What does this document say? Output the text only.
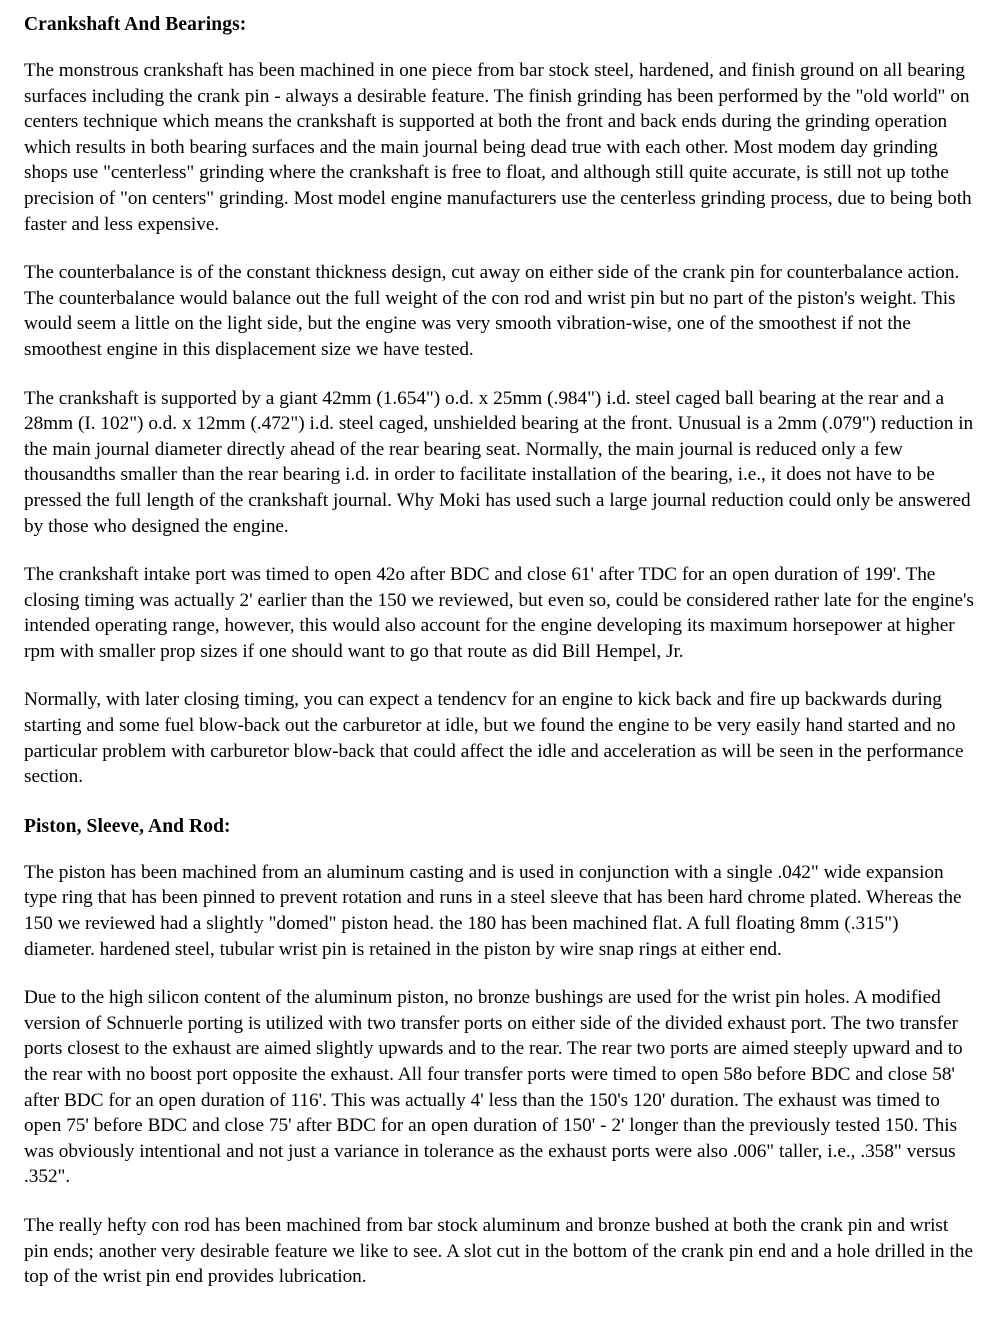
Crankshaft And Bearings:

The monstrous crankshaft has been machined in one piece from bar stock steel, hardened, and finish ground on all bearing surfaces including the crank pin - always a desirable feature. The finish grinding has been performed by the "old world" on centers technique which means the crankshaft is supported at both the front and back ends during the grinding operation which results in both bearing surfaces and the main journal being dead true with each other. Most modem day grinding shops use "centerless" grinding where the crankshaft is free to float, and although still quite accurate, is still not up tothe precision of "on centers" grinding. Most model engine manufacturers use the centerless grinding process, due to being both faster and less expensive.

The counterbalance is of the constant thickness design, cut away on either side of the crank pin for counterbalance action. The counterbalance would balance out the full weight of the con rod and wrist pin but no part of the piston's weight. This would seem a little on the light side, but the engine was very smooth vibration-wise, one of the smoothest if not the smoothest engine in this displacement size we have tested.

The crankshaft is supported by a giant 42mm (1.654") o.d. x 25mm (.984") i.d. steel caged ball bearing at the rear and a 28mm (I. 102") o.d. x 12mm (.472") i.d. steel caged, unshielded bearing at the front. Unusual is a 2mm (.079") reduction in the main journal diameter directly ahead of the rear bearing seat. Normally, the main journal is reduced only a few thousandths smaller than the rear bearing i.d. in order to facilitate installation of the bearing, i.e., it does not have to be pressed the full length of the crankshaft journal. Why Moki has used such a large journal reduction could only be answered by those who designed the engine.

The crankshaft intake port was timed to open 42o after BDC and close 61' after TDC for an open duration of 199'. The closing timing was actually 2' earlier than the 150 we reviewed, but even so, could be considered rather late for the engine's intended operating range, however, this would also account for the engine developing its maximum horsepower at higher rpm with smaller prop sizes if one should want to go that route as did Bill Hempel, Jr.

Normally, with later closing timing, you can expect a tendencv for an engine to kick back and fire up backwards during starting and some fuel blow-back out the carburetor at idle, but we found the engine to be very easily hand started and no particular problem with carburetor blow-back that could affect the idle and acceleration as will be seen in the performance section.

Piston, Sleeve, And Rod:

The piston has been machined from an aluminum casting and is used in conjunction with a single .042" wide expansion type ring that has been pinned to prevent rotation and runs in a steel sleeve that has been hard chrome plated. Whereas the 150 we reviewed had a slightly "domed" piston head. the 180 has been machined flat. A full floating 8mm (.315") diameter. hardened steel, tubular wrist pin is retained in the piston by wire snap rings at either end.

Due to the high silicon content of the aluminum piston, no bronze bushings are used for the wrist pin holes. A modified version of Schnuerle porting is utilized with two transfer ports on either side of the divided exhaust port. The two transfer ports closest to the exhaust are aimed slightly upwards and to the rear. The rear two ports are aimed steeply upward and to the rear with no boost port opposite the exhaust. All four transfer ports were timed to open 58o before BDC and close 58' after BDC for an open duration of 116'. This was actually 4' less than the 150's 120' duration. The exhaust was timed to open 75' before BDC and close 75' after BDC for an open duration of 150' - 2' longer than the previously tested 150. This was obviously intentional and not just a variance in tolerance as the exhaust ports were also .006" taller, i.e., .358" versus .352".

The really hefty con rod has been machined from bar stock aluminum and bronze bushed at both the crank pin and wrist pin ends; another very desirable feature we like to see. A slot cut in the bottom of the crank pin end and a hole drilled in the top of the wrist pin end provides lubrication.
